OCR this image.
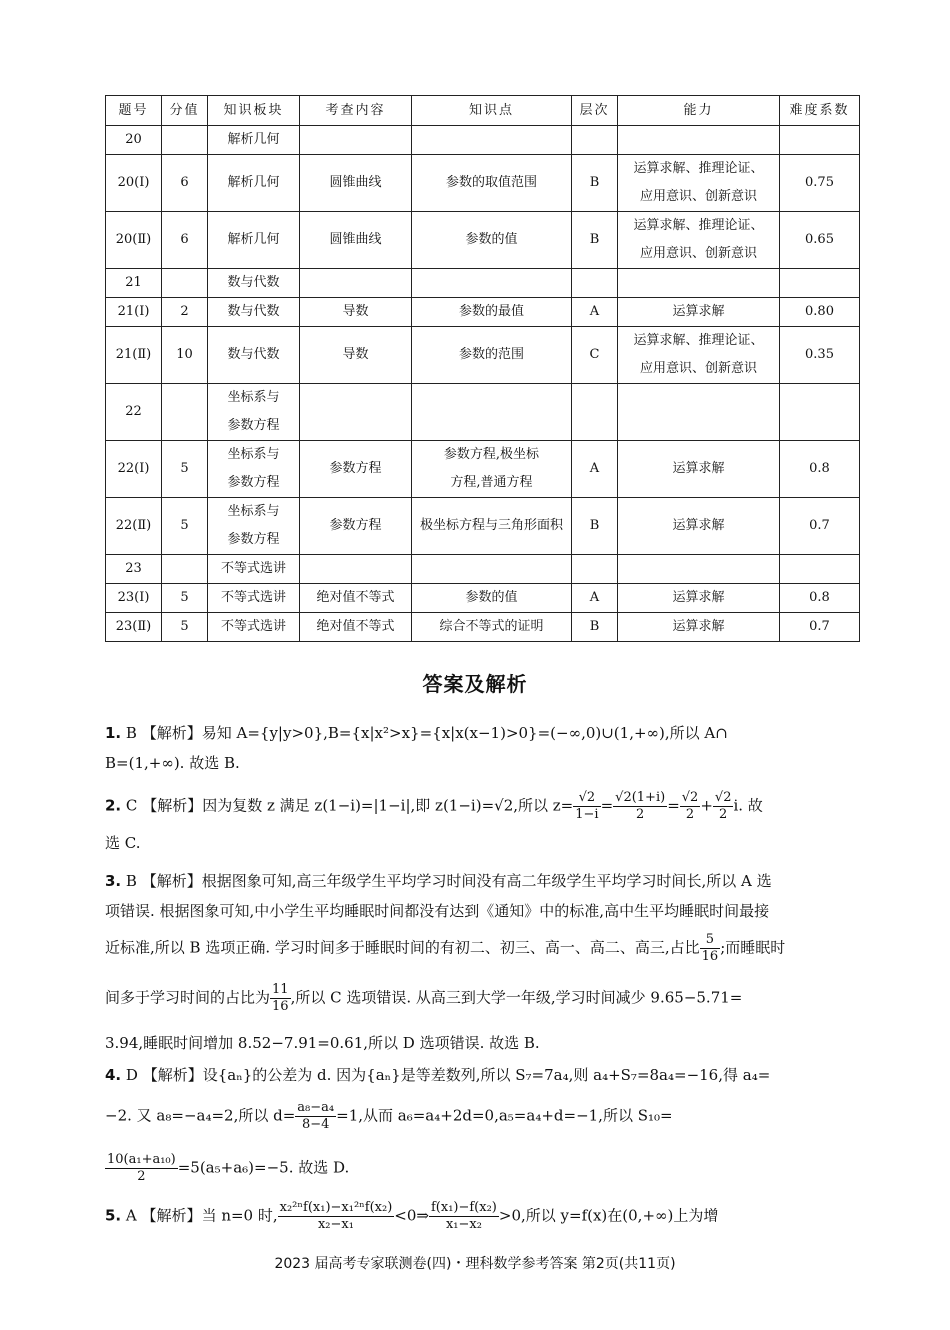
题号	分值	知识板块	考查内容	知识点	层次	能力	难度系数
20		解析几何					

20(Ⅰ)	6	解析几何	圆锥曲线	参数的取值范围	B	运算求解、推理论证、
应用意识、创新意识	0.75
20(Ⅱ)	6	解析几何	圆锥曲线	参数的值	B	运算求解、推理论证、
应用意识、创新意识	0.65
21		数与代数					

21(Ⅰ)	2	数与代数	导数	参数的最值	A	运算求解	0.80
21(Ⅱ)	10	数与代数	导数	参数的范围	C	运算求解、推理论证、
应用意识、创新意识	0.35
22		坐标系与
参数方程					

22(Ⅰ)	5	坐标系与
参数方程	参数方程	参数方程,极坐标
方程,普通方程	A	运算求解	0.8
22(Ⅱ)	5	坐标系与
参数方程	参数方程	极坐标方程与三角形面积	B	运算求解	0.7
23		不等式选讲					

23(Ⅰ)	5	不等式选讲	绝对值不等式	参数的值	A	运算求解	0.8
23(Ⅱ)	5	不等式选讲	绝对值不等式	综合不等式的证明	B	运算求解	0.7
答案及解析
1. B 【解析】易知 A={y|y>0},B={x|x²>x}={x|x(x−1)>0}=(−∞,0)∪(1,+∞),所以 A∩
B=(1,+∞). 故选 B.
2. C 【解析】因为复数 z 满足 z(1−i)=|1−i|,即 z(1−i)=√2,所以 $z= \frac{√2}{1-i} = \frac{√2(1+i)}{2} = \frac{√2}{2} + \frac{√2}{2} i$. 故
选 C.
3. B 【解析】根据图象可知,高三年级学生平均学习时间没有高二年级学生平均学习时间长,所以 A 选
项错误. 根据图象可知,中小学生平均睡眠时间都没有达到《通知》中的标准,高中生平均睡眠时间最接
近标准,所以 B 选项正确. 学习时间多于睡眠时间的有初二、初三、高一、高二、高三,占比 $\frac{5}{16}$ ;而睡眠时
间多于学习时间的占比为 $\frac{11}{16}$ ,所以 C 选项错误. 从高三到大学一年级,学习时间减少 9.65−5.71=
3.94,睡眠时间增加 8.52−7.91=0.61,所以 D 选项错误. 故选 B.
4. D 【解析】设{aₙ}的公差为 d. 因为{aₙ}是等差数列,所以 S₇=7a₄,则 a₄+S₇=8a₄=−16,得 a₄=
−2. 又 a₈=−a₄=2,所以 $d= \frac{\text{a₈−a₄}}{8-4} =1$,从而 a₆=a₄+2d=0,a₅=a₄+d=−1,所以 S₁₀=
$\frac{\text{10(a₁+a₁₀)}}{2} =5(a_5+a_6)=-5$. 故选 D.
5. A 【解析】当 n=0 时, $\frac{\text{x₂²ⁿf(x₁)−x₁²ⁿf(x₂)}}{\text{x₂−x₁}}$ <0⇒ $\frac{\text{f(x₁)−f(x₂)}}{\text{x₁−x₂}} >0$,所以 y=f(x)在(0,+∞)上为增
2023 届高考专家联测卷(四)・理科数学参考答案 第2页(共11页)
